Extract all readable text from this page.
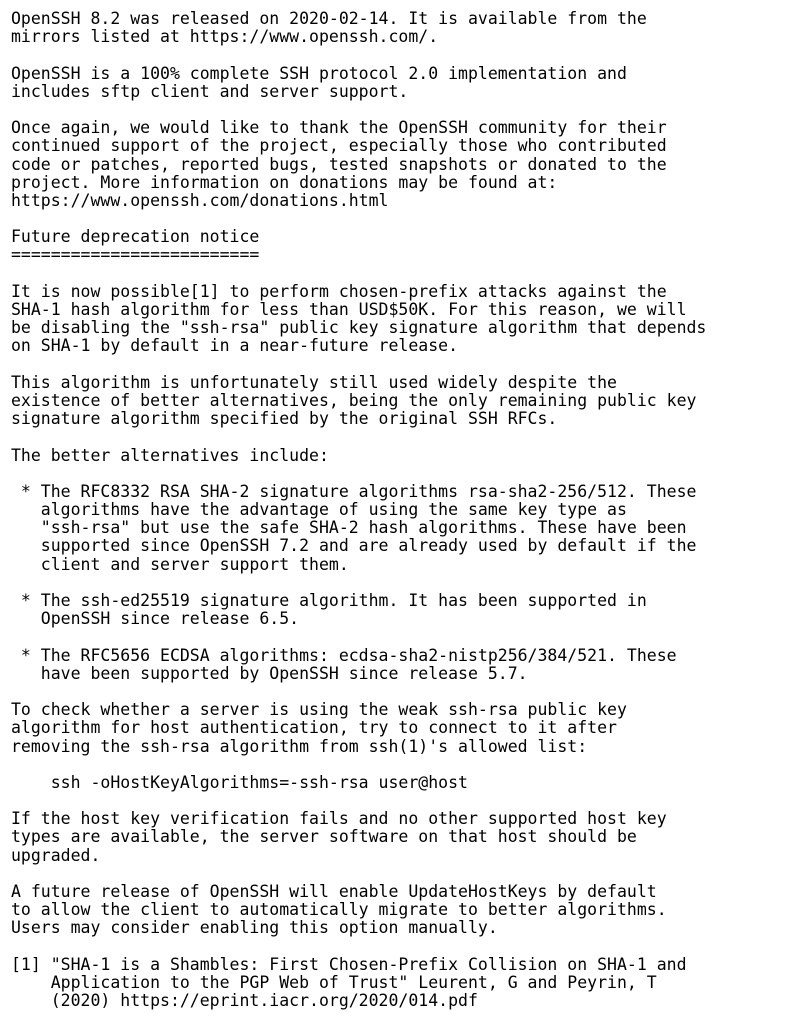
OpenSSH 8.2 was released on 2020-02-14. It is available from the
mirrors listed at https://www.openssh.com/.
OpenSSH is a 100% complete SSH protocol 2.0 implementation and
includes sftp client and server support.
Once again, we would like to thank the OpenSSH community for their
continued support of the project, especially those who contributed
code or patches, reported bugs, tested snapshots or donated to the
project. More information on donations may be found at:
https://www.openssh.com/donations.html
Future deprecation notice
=========================
It is now possible[1] to perform chosen-prefix attacks against the
SHA-1 hash algorithm for less than USD$50K. For this reason, we will
be disabling the "ssh-rsa" public key signature algorithm that depends
on SHA-1 by default in a near-future release.
This algorithm is unfortunately still used widely despite the
existence of better alternatives, being the only remaining public key
signature algorithm specified by the original SSH RFCs.
The better alternatives include:
* The RFC8332 RSA SHA-2 signature algorithms rsa-sha2-256/512. These
algorithms have the advantage of using the same key type as
"ssh-rsa" but use the safe SHA-2 hash algorithms. These have been
supported since OpenSSH 7.2 and are already used by default if the
client and server support them.
* The ssh-ed25519 signature algorithm. It has been supported in
OpenSSH since release 6.5.
* The RFC5656 ECDSA algorithms: ecdsa-sha2-nistp256/384/521. These
have been supported by OpenSSH since release 5.7.
To check whether a server is using the weak ssh-rsa public key
algorithm for host authentication, try to connect to it after
removing the ssh-rsa algorithm from ssh(1)'s allowed list:
ssh -oHostKeyAlgorithms=-ssh-rsa user@host
If the host key verification fails and no other supported host key
types are available, the server software on that host should be
upgraded.
A future release of OpenSSH will enable UpdateHostKeys by default
to allow the client to automatically migrate to better algorithms.
Users may consider enabling this option manually.
[1] "SHA-1 is a Shambles: First Chosen-Prefix Collision on SHA-1 and
Application to the PGP Web of Trust" Leurent, G and Peyrin, T
(2020) https://eprint.iacr.org/2020/014.pdf
